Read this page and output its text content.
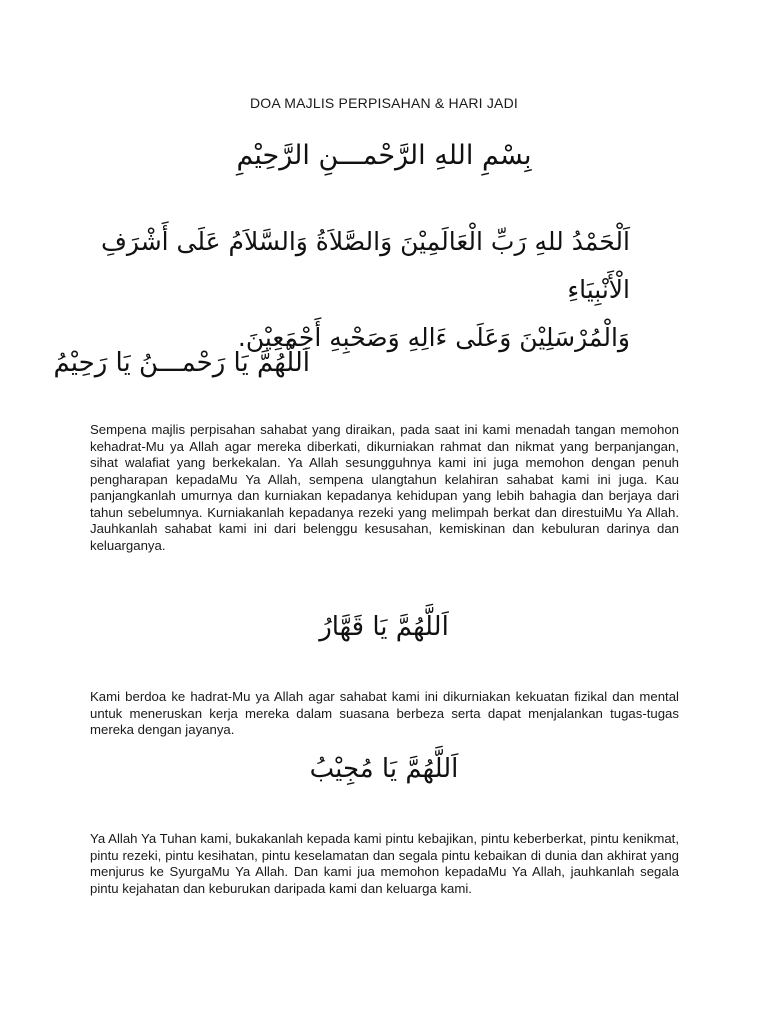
DOA MAJLIS PERPISAHAN & HARI JADI
بِسْمِ اللهِ الرَّحْمـــنِ الرَّحِيْمِ
اَلْحَمْدُ للهِ رَبِّ الْعَالَمِيْنَ وَالصَّلاَةُ وَالسَّلاَمُ عَلَى أَشْرَفِ الْأَنْبِيَاءِ
وَالْمُرْسَلِيْنَ وَعَلَى ءَالِهِ وَصَحْبِهِ أَجْمَعِيْنَ.
اَللَّهُمَّ يَا رَحْمـــنُ يَا رَحِيْمُ

Sempena majlis perpisahan sahabat yang diraikan, pada saat ini kami menadah tangan memohon kehadrat-Mu ya Allah agar mereka diberkati, dikurniakan rahmat dan nikmat yang berpanjangan, sihat walafiat yang berkekalan. Ya Allah sesungguhnya kami ini juga memohon dengan penuh pengharapan kepadaMu Ya Allah, sempena ulangtahun kelahiran sahabat kami ini juga. Kau panjangkanlah umurnya dan kurniakan kepadanya kehidupan yang lebih bahagia dan berjaya dari tahun sebelumnya. Kurniakanlah kepadanya rezeki yang melimpah berkat dan direstuiMu Ya Allah. Jauhkanlah sahabat kami ini dari belenggu kesusahan, kemiskinan dan kebuluran darinya dan keluarganya.

اَللَّهُمَّ يَا قَهَّارُ

Kami berdoa ke hadrat-Mu ya Allah agar sahabat kami ini dikurniakan kekuatan fizikal dan mental untuk meneruskan kerja mereka dalam suasana berbeza serta dapat menjalankan tugas-tugas mereka dengan jayanya.

اَللَّهُمَّ يَا مُجِيْبُ

Ya Allah Ya Tuhan kami, bukakanlah kepada kami pintu kebajikan, pintu keberberkat, pintu kenikmat, pintu rezeki, pintu kesihatan, pintu keselamatan dan segala pintu kebaikan di dunia dan akhirat yang menjurus ke SyurgaMu Ya Allah. Dan kami jua memohon kepadaMu Ya Allah, jauhkanlah segala pintu kejahatan dan keburukan daripada kami dan keluarga kami.
